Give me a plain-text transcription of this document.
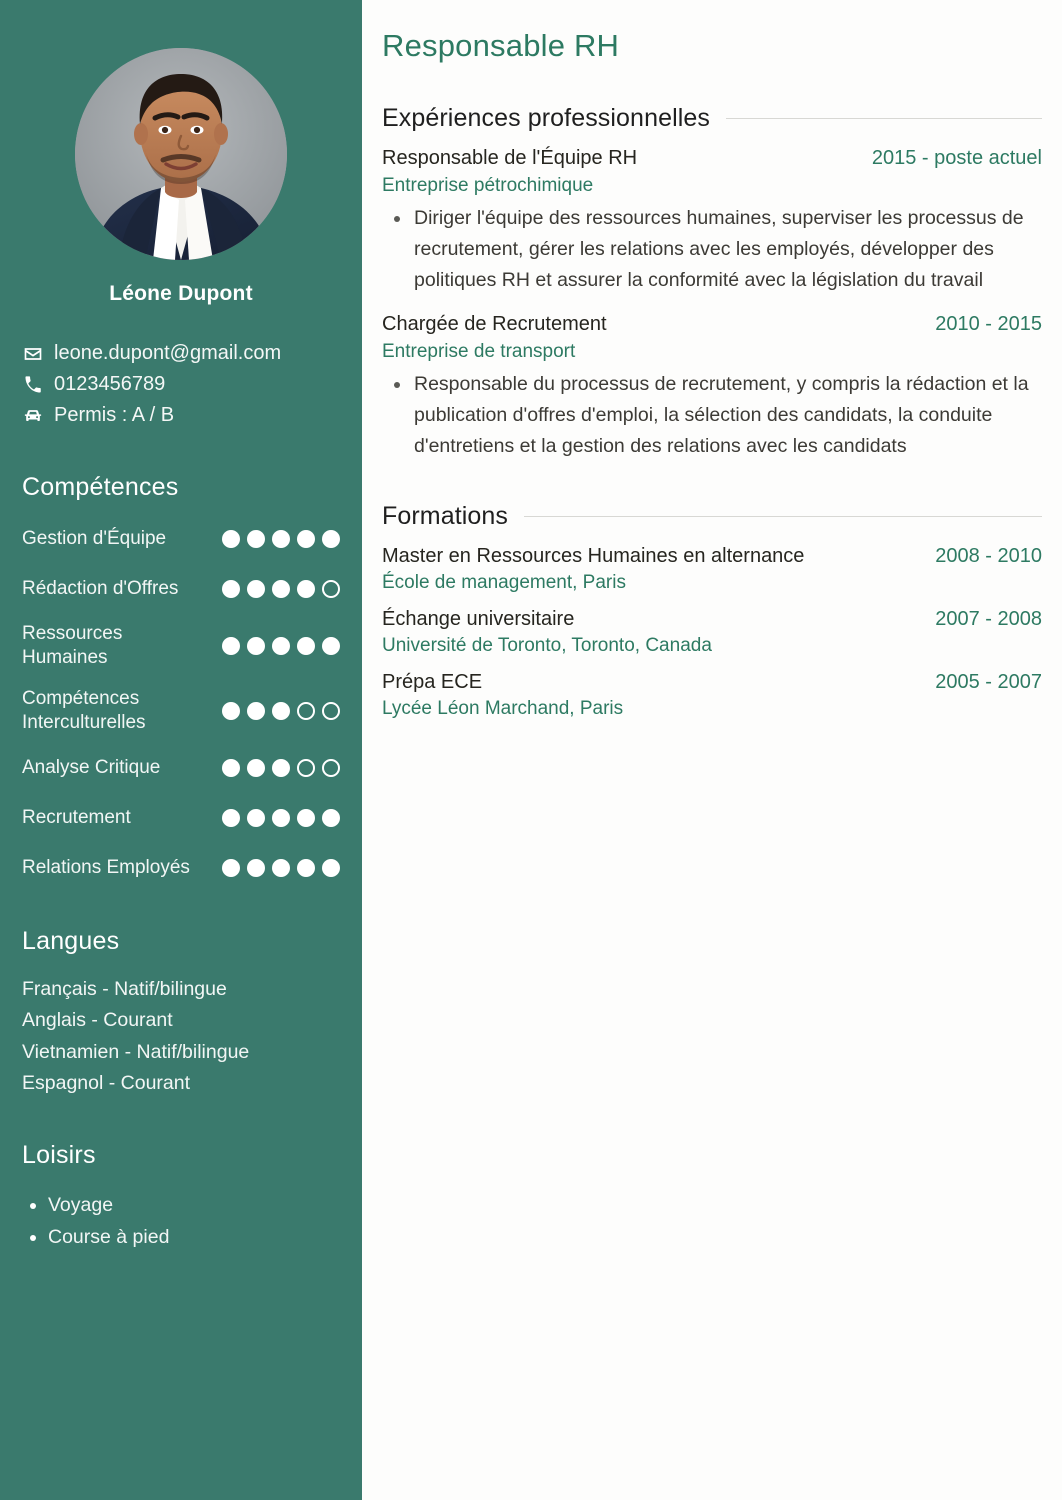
Léone Dupont
leone.dupont@gmail.com
0123456789
Permis : A / B
Compétences
Gestion d'Équipe
Rédaction d'Offres
Ressources Humaines
Compétences Interculturelles
Analyse Critique
Recrutement
Relations Employés
Langues
Français - Natif/bilingue
Anglais - Courant
Vietnamien - Natif/bilingue
Espagnol - Courant
Loisirs
Voyage
Course à pied
Responsable RH
Expériences professionnelles
Responsable de l'Équipe RH	2015 - poste actuel
Entreprise pétrochimique
Diriger l'équipe des ressources humaines, superviser les processus de recrutement, gérer les relations avec les employés, développer des politiques RH et assurer la conformité avec la législation du travail
Chargée de Recrutement	2010 - 2015
Entreprise de transport
Responsable du processus de recrutement, y compris la rédaction et la publication d'offres d'emploi, la sélection des candidats, la conduite d'entretiens et la gestion des relations avec les candidats
Formations
Master en Ressources Humaines en alternance	2008 - 2010
École de management, Paris
Échange universitaire	2007 - 2008
Université de Toronto, Toronto, Canada
Prépa ECE	2005 - 2007
Lycée Léon Marchand, Paris
